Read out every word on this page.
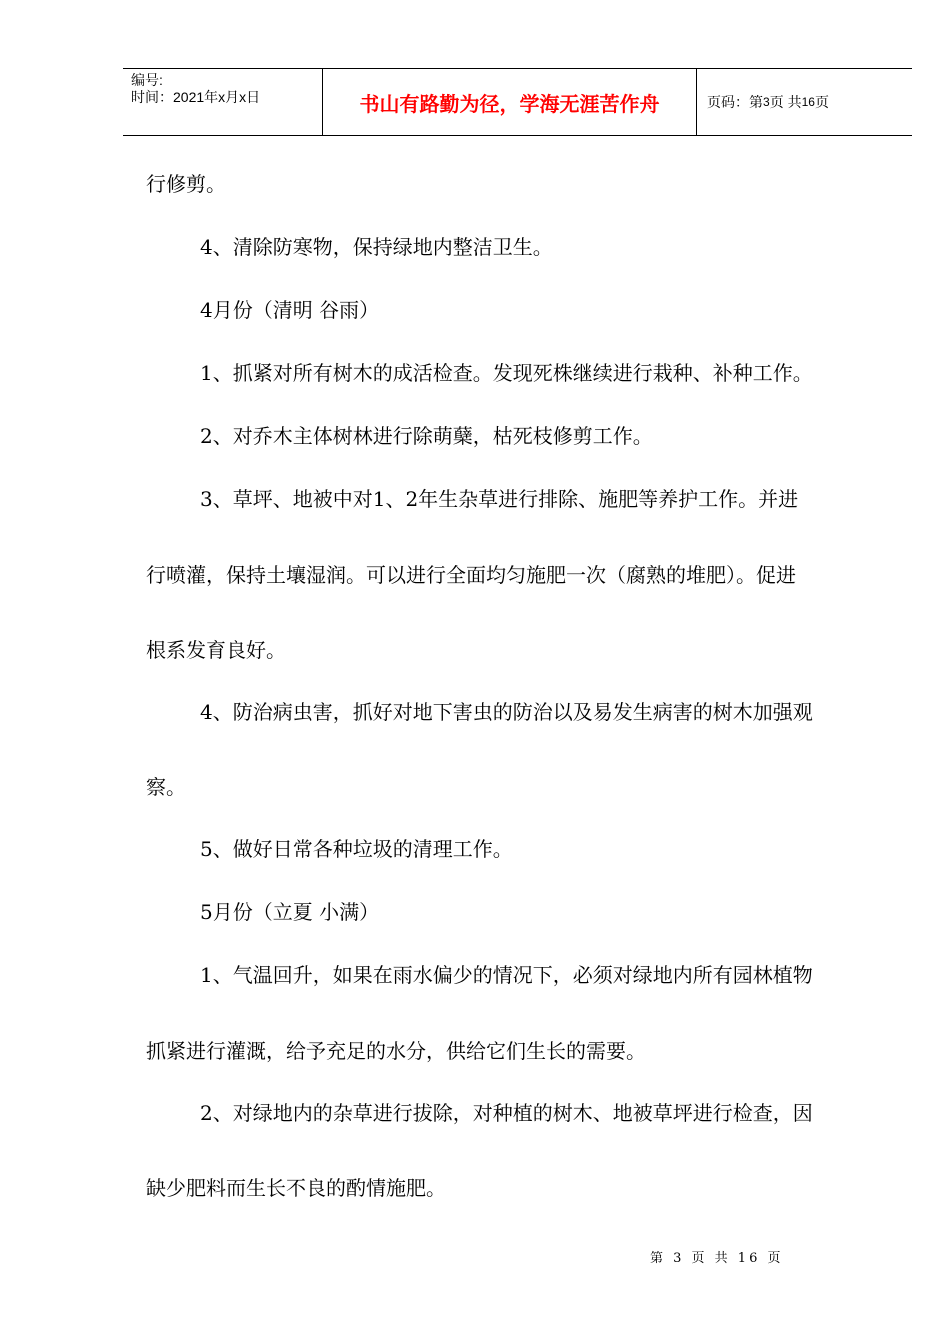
编号:
时间：2021年x月x日	书山有路勤为径，学海无涯苦作舟	页码：第 3 页 共 16 页
行修剪。
4、清除防寒物，保持绿地内整洁卫生。
4月份（清明 谷雨）
1、抓紧对所有树木的成活检查。发现死株继续进行栽种、补种工作。
2、对乔木主体树林进行除萌蘖，枯死枝修剪工作。
3、草坪、地被中对1、2年生杂草进行排除、施肥等养护工作。并进
行喷灌，保持土壤湿润。可以进行全面均匀施肥一次（腐熟的堆肥）。促进
根系发育良好。
4、防治病虫害，抓好对地下害虫的防治以及易发生病害的树木加强观
察。
5、做好日常各种垃圾的清理工作。
5月份（立夏 小满）
1、气温回升，如果在雨水偏少的情况下，必须对绿地内所有园林植物
抓紧进行灌溉，给予充足的水分，供给它们生长的需要。
2、对绿地内的杂草进行拔除，对种植的树木、地被草坪进行检查，因
缺少肥料而生长不良的酌情施肥。
第 3 页 共 16 页
